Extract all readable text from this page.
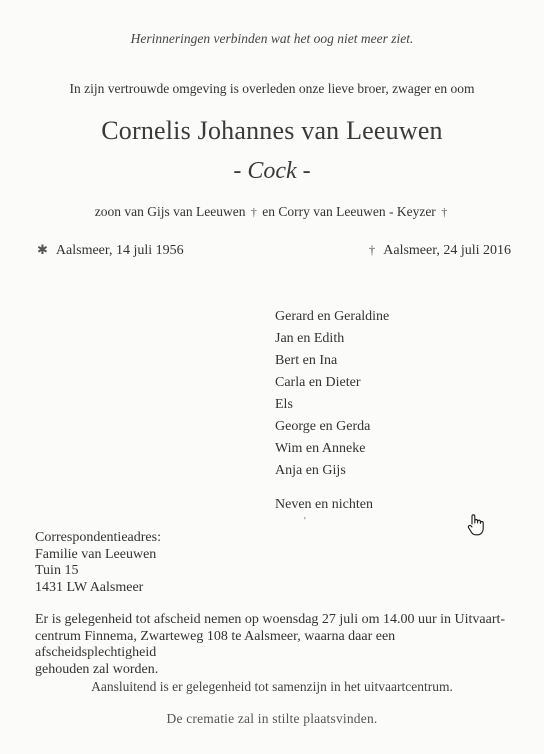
Herinneringen verbinden wat het oog niet meer ziet.
In zijn vertrouwde omgeving is overleden onze lieve broer, zwager en oom
Cornelis Johannes van Leeuwen
- Cock -
zoon van Gijs van Leeuwen † en Corry van Leeuwen - Keyzer †
✱ Aalsmeer, 14 juli 1956	† Aalsmeer, 24 juli 2016
Gerard en Geraldine
Jan en Edith
Bert en Ina
Carla en Dieter
Els
George en Gerda
Wim en Anneke
Anja en Gijs
Neven en nichten
'
Correspondentieadres:
Familie van Leeuwen
Tuin 15
1431 LW Aalsmeer
Er is gelegenheid tot afscheid nemen op woensdag 27 juli om 14.00 uur in Uitvaart-
centrum Finnema, Zwarteweg 108 te Aalsmeer, waarna daar een afscheidsplechtigheid
gehouden zal worden.
Aansluitend is er gelegenheid tot samenzijn in het uitvaartcentrum.
De crematie zal in stilte plaatsvinden.
